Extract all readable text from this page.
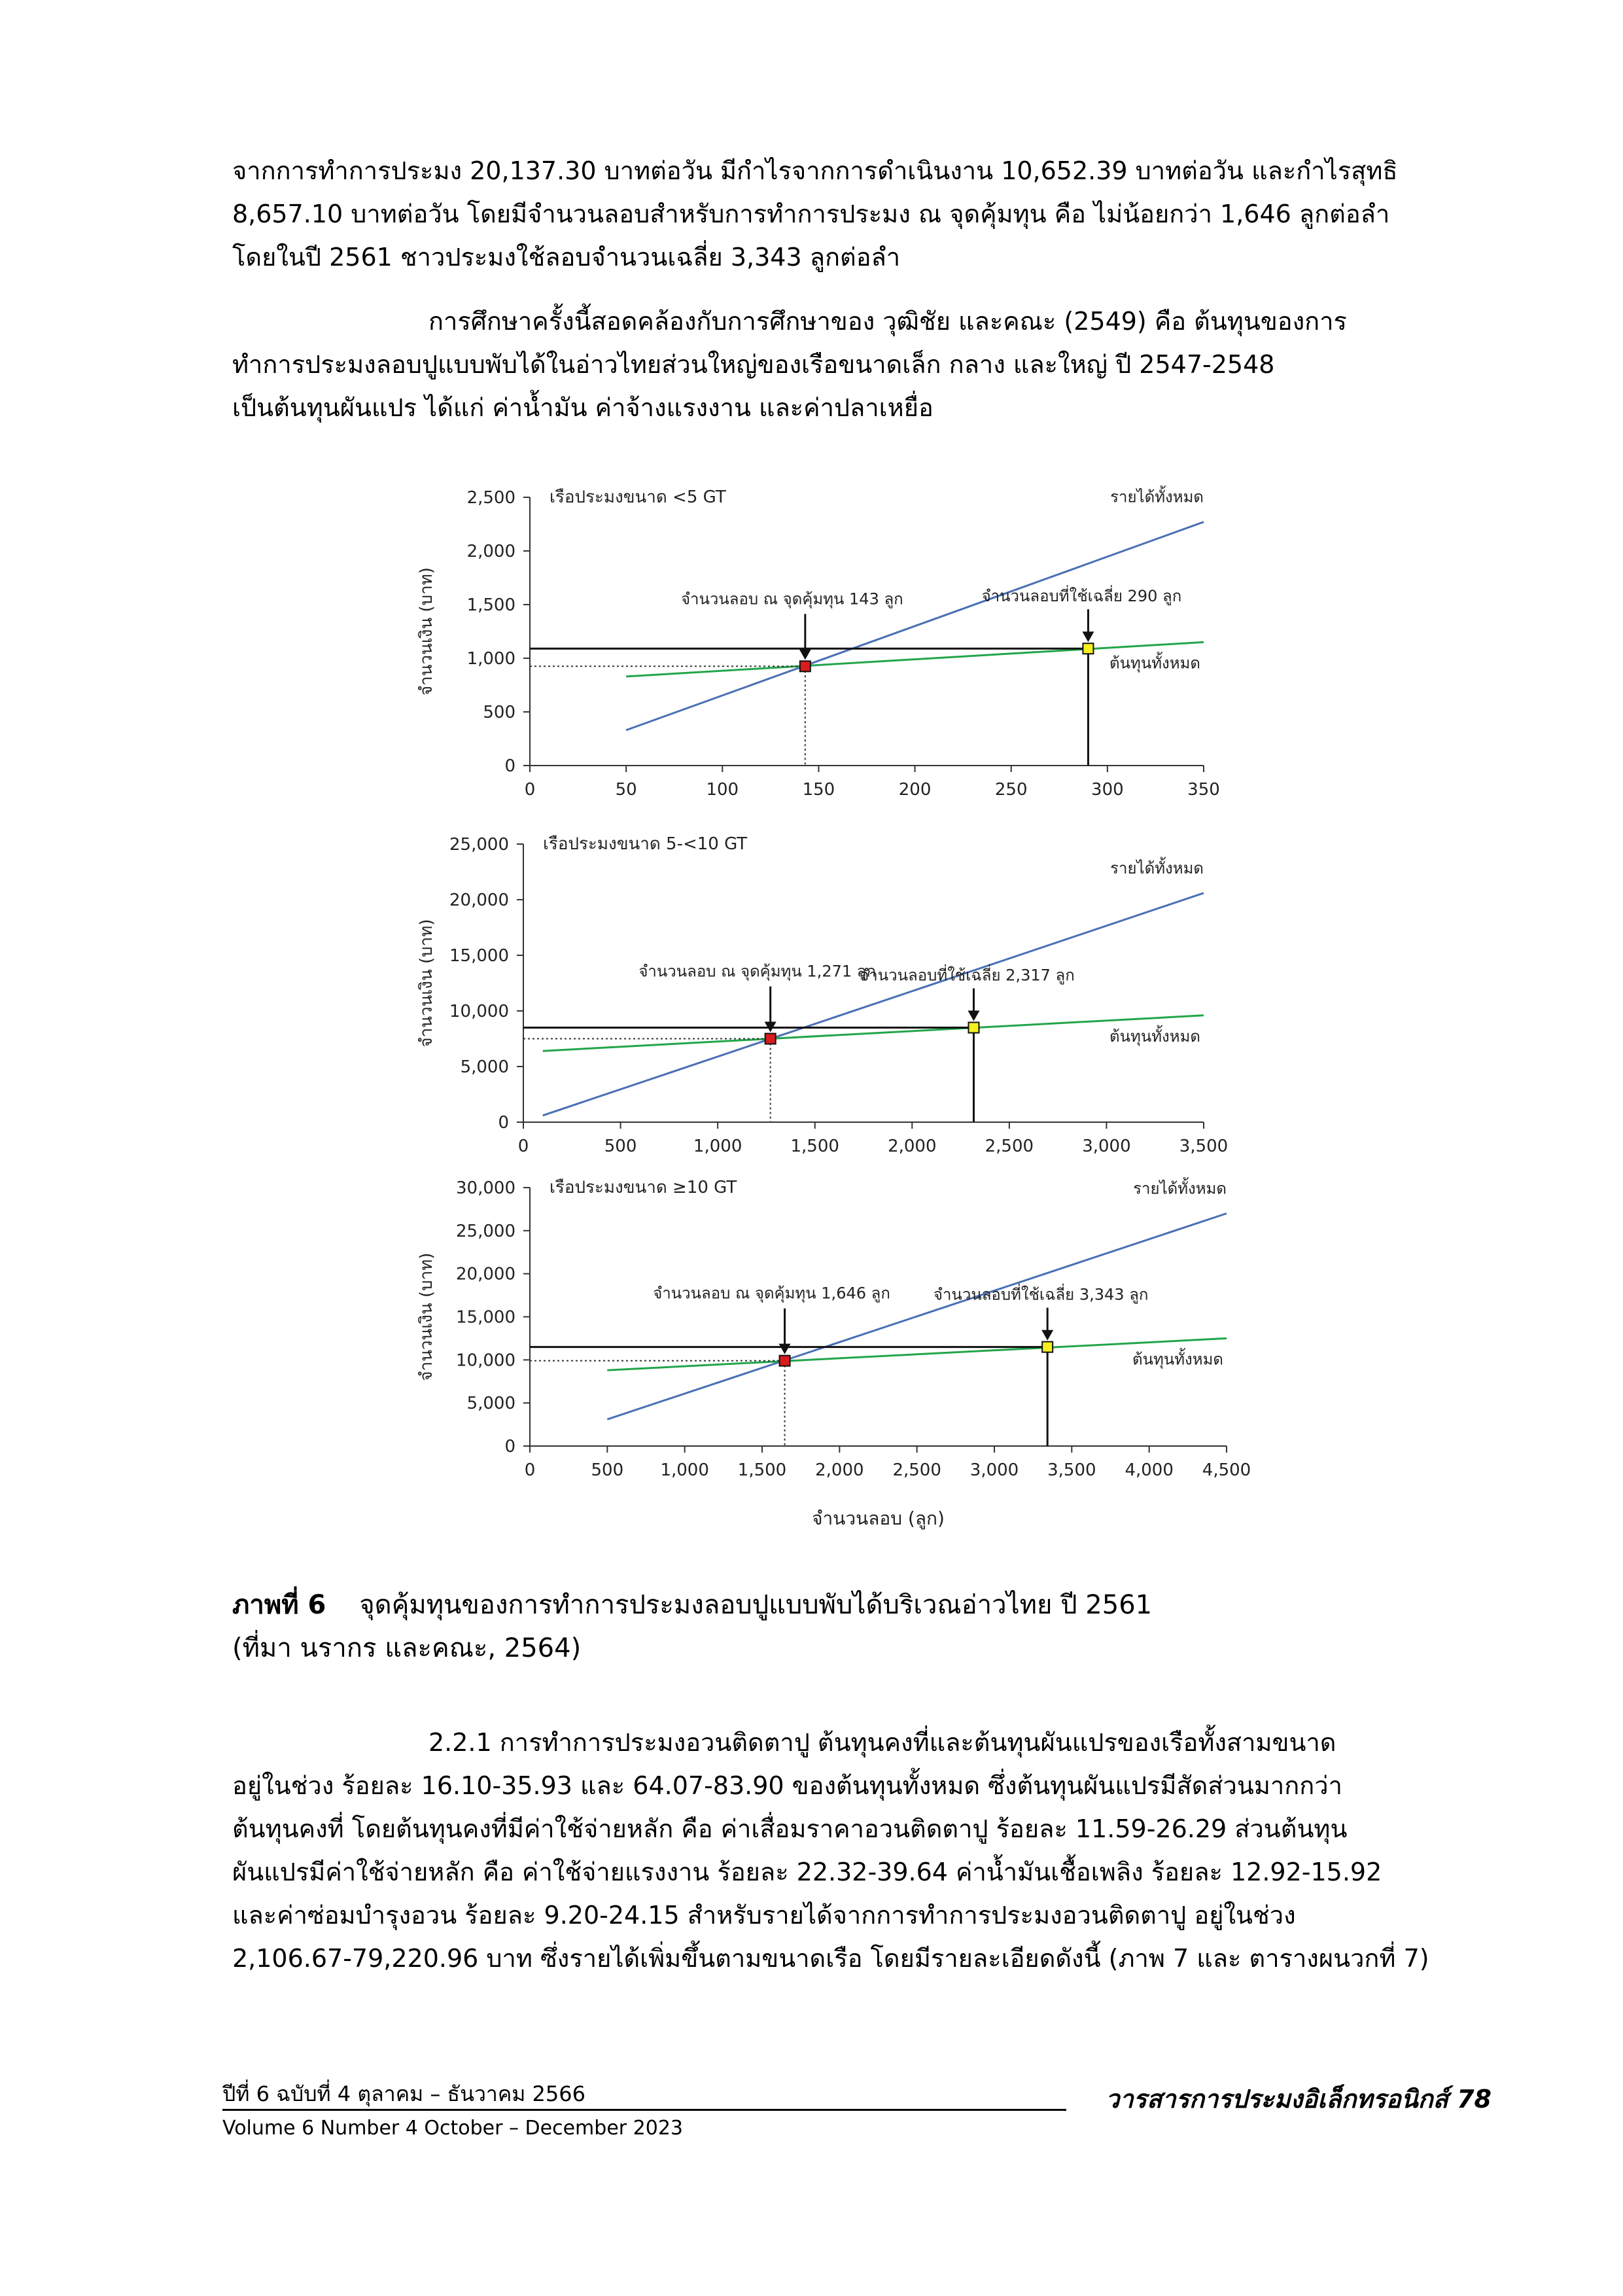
จากการทำการประมง 20,137.30 บาทต่อวัน มีกำไรจากการดำเนินงาน 10,652.39 บาทต่อวัน และกำไรสุทธิ
8,657.10 บาทต่อวัน โดยมีจำนวนลอบสำหรับการทำการประมง ณ จุดคุ้มทุน คือ ไม่น้อยกว่า 1,646 ลูกต่อลำ
โดยในปี 2561 ชาวประมงใช้ลอบจำนวนเฉลี่ย 3,343 ลูกต่อลำ

การศึกษาครั้งนี้สอดคล้องกับการศึกษาของ วุฒิชัย และคณะ (2549) คือ ต้นทุนของการ
ทำการประมงลอบปูแบบพับได้ในอ่าวไทยส่วนใหญ่ของเรือขนาดเล็ก กลาง และใหญ่ ปี 2547-2548
เป็นต้นทุนผันแปร ได้แก่ ค่าน้ำมัน ค่าจ้างแรงงาน และค่าปลาเหยื่อ

0
500
1,000
1,500
2,000
2,500
0	50	100	150	200	250	300	350
จำนวนเงิน (บาท)
เรือประมงขนาด <5 GT	รายได้ทั้งหมด
ต้นทุนทั้งหมด
จำนวนลอบ ณ จุดคุ้มทุน 143 ลูก	จำนวนลอบที่ใช้เฉลี่ย 290 ลูก
0
5,000
10,000
15,000
20,000
25,000
0	500	1,000	1,500	2,000	2,500	3,000	3,500
จำนวนเงิน (บาท)
เรือประมงขนาด 5-<10 GT
รายได้ทั้งหมด
ต้นทุนทั้งหมด
จำนวนลอบ ณ จุดคุ้มทุน 1,271 ลูก
จำนวนลอบที่ใช้เฉลี่ย 2,317 ลูก
0
5,000
10,000
15,000
20,000
25,000
30,000
0	500 1,000 1,500 2,000 2,500 3,000 3,500 4,000 4,500
จำนวนเงิน (บาท)
เรือประมงขนาด ≥10 GT	รายได้ทั้งหมด
ต้นทุนทั้งหมด
จำนวนลอบ ณ จุดคุ้มทุน 1,646 ลูก	จำนวนลอบที่ใช้เฉลี่ย 3,343 ลูก
จำนวนลอบ (ลูก)
ภาพที่ 6 จุดคุ้มทุนของการทำการประมงลอบปูแบบพับได้บริเวณอ่าวไทย ปี 2561
(ที่มา นรากร และคณะ, 2564)

2.2.1 การทำการประมงอวนติดตาปู ต้นทุนคงที่และต้นทุนผันแปรของเรือทั้งสามขนาด
อยู่ในช่วง ร้อยละ 16.10-35.93 และ 64.07-83.90 ของต้นทุนทั้งหมด ซึ่งต้นทุนผันแปรมีสัดส่วนมากกว่า
ต้นทุนคงที่ โดยต้นทุนคงที่มีค่าใช้จ่ายหลัก คือ ค่าเสื่อมราคาอวนติดตาปู ร้อยละ 11.59-26.29 ส่วนต้นทุน
ผันแปรมีค่าใช้จ่ายหลัก คือ ค่าใช้จ่ายแรงงาน ร้อยละ 22.32-39.64 ค่าน้ำมันเชื้อเพลิง ร้อยละ 12.92-15.92
และค่าซ่อมบำรุงอวน ร้อยละ 9.20-24.15 สำหรับรายได้จากการทำการประมงอวนติดตาปู อยู่ในช่วง
2,106.67-79,220.96 บาท ซึ่งรายได้เพิ่มขึ้นตามขนาดเรือ โดยมีรายละเอียดดังนี้ (ภาพ 7 และ ตารางผนวกที่ 7)

ปีที่ 6 ฉบับที่ 4 ตุลาคม – ธันวาคม 2566
Volume 6 Number 4 October – December 2023
วารสารการประมงอิเล็กทรอนิกส์ 78
